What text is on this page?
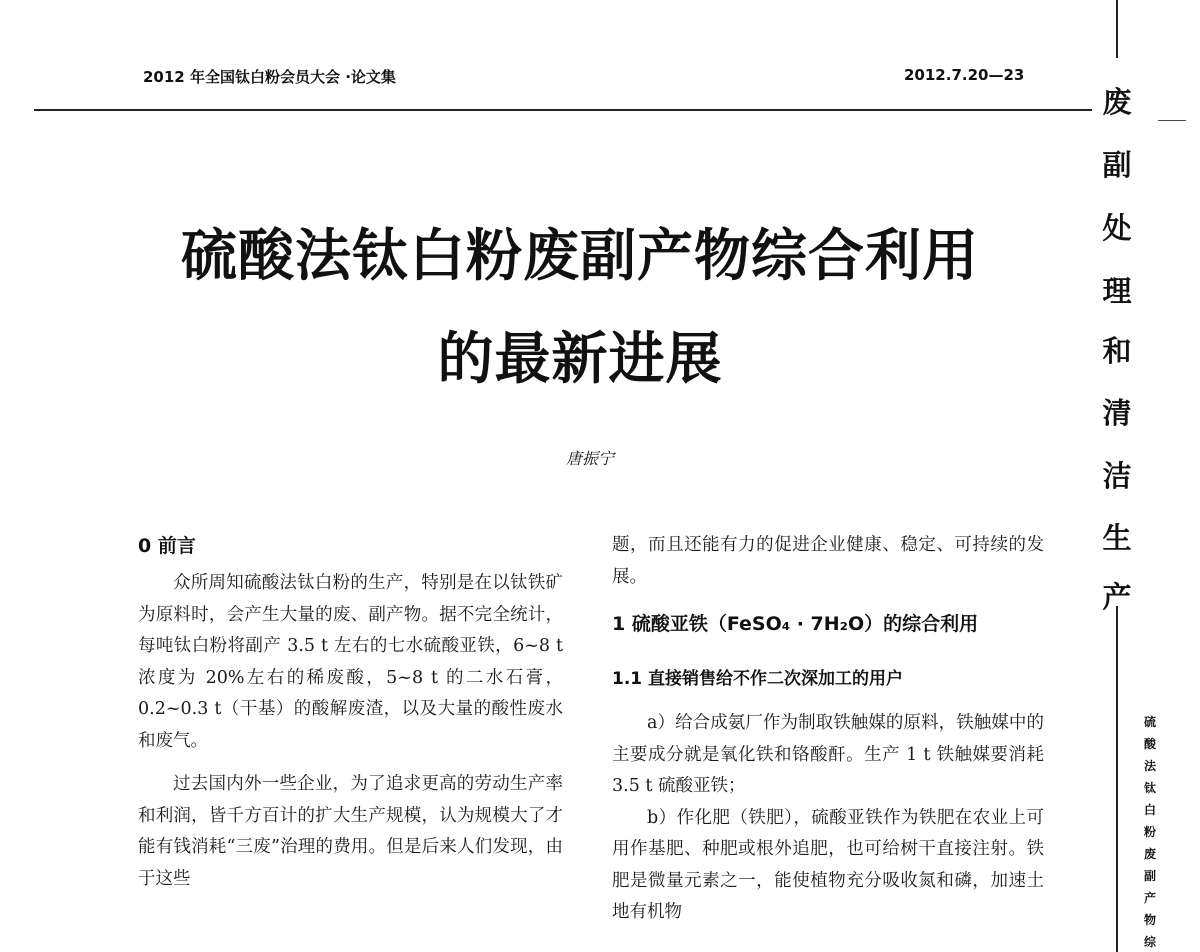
2012 年全国钛白粉会员大会 ·论文集	2012.7.20—23
硫酸法钛白粉废副产物综合利用
的最新进展
唐振宁
0 前言

众所周知硫酸法钛白粉的生产，特别是在以钛铁矿为原料时，会产生大量的废、副产物。据不完全统计，每吨钛白粉将副产 3.5 t 左右的七水硫酸亚铁，6~8 t 浓度为 20%左右的稀废酸，5~8 t 的二水石膏，0.2~0.3 t（干基）的酸解废渣，以及大量的酸性废水和废气。

过去国内外一些企业，为了追求更高的劳动生产率和利润，皆千方百计的扩大生产规模，认为规模大了才能有钱消耗“三废”治理的费用。但是后来人们发现，由于这些

题，而且还能有力的促进企业健康、稳定、可持续的发展。

1 硫酸亚铁（FeSO₄ · 7H₂O）的综合利用
1.1 直接销售给不作二次深加工的用户

a）给合成氨厂作为制取铁触媒的原料，铁触媒中的主要成分就是氧化铁和铬酸酐。生产 1 t 铁触媒要消耗 3.5 t 硫酸亚铁；

b）作化肥（铁肥），硫酸亚铁作为铁肥在农业上可用作基肥、种肥或根外追肥，也可给树干直接注射。铁肥是微量元素之一，能使植物充分吸收氮和磷，加速土地有机物

废
副
处
理
和
清
洁
生
产
硫
酸
法
钛
白
粉
废
副
产
物
综
